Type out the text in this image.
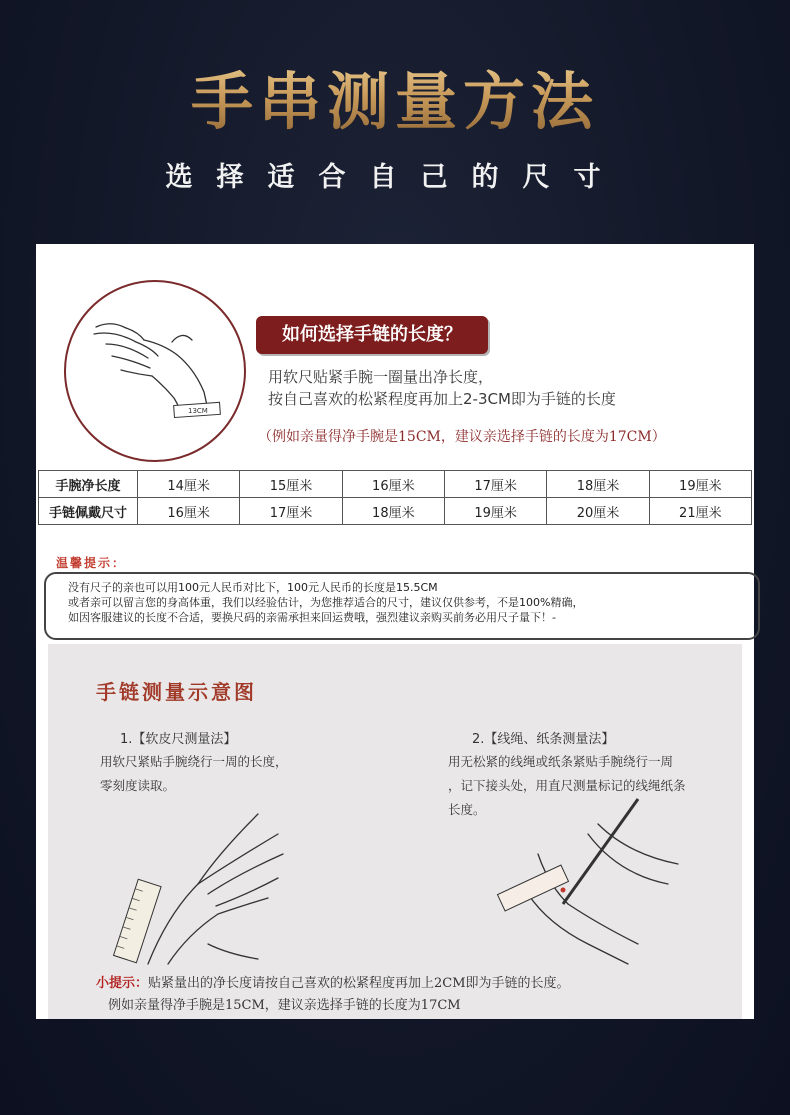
手串测量方法
选择适合自己的尺寸
13CM
如何选择手链的长度？
用软尺贴紧手腕一圈量出净长度，
按自己喜欢的松紧程度再加上2-3CM即为手链的长度
（例如亲量得净手腕是15CM，建议亲选择手链的长度为17CM）
手腕净长度	14厘米	15厘米	16厘米	17厘米	18厘米	19厘米
手链佩戴尺寸	16厘米	17厘米	18厘米	19厘米	20厘米	21厘米
温馨提示：
没有尺子的亲也可以用100元人民币对比下，100元人民币的长度是15.5CM
或者亲可以留言您的身高体重，我们以经验估计，为您推荐适合的尺寸，建议仅供参考，不是100%精确，
如因客服建议的长度不合适，要换尺码的亲需承担来回运费哦，强烈建议亲购买前务必用尺子量下！-
手链测量示意图
1.【软皮尺测量法】
用软尺紧贴手腕绕行一周的长度，
零刻度读取。
2.【线绳、纸条测量法】
用无松紧的线绳或纸条紧贴手腕绕行一周
，记下接头处，用直尺测量标记的线绳纸条
长度。
小提示：贴紧量出的净长度请按自己喜欢的松紧程度再加上2CM即为手链的长度。
例如亲量得净手腕是15CM，建议亲选择手链的长度为17CM
